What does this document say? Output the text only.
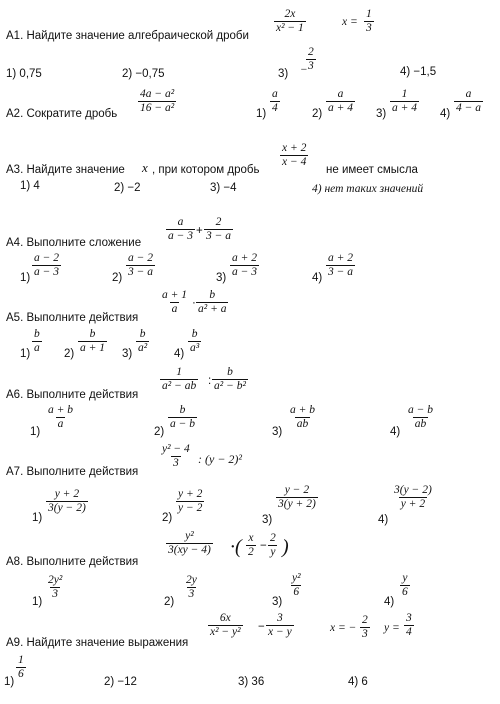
А1. Найдите значение алгебраической дроби
$\frac{2x}{\text{x² − 1}}$	$x = \frac{1}{3}$
1) 0,75	2) −0,75	3) −
$\frac{2}{3}$	4) −1,5
А2. Сократите дробь $\frac{\text{4a − a²}}{\text{16 − a²}}$	$1) \frac{a}{4}$	$2) \frac{a}{a + 4} 3) \frac{1}{a + 4} 4) \frac{a}{4 - a}$
А3. Найдите значение x , при котором дробь
$\frac{x + 2}{x - 4}$
не имеет смысла
1) 4	2) −2	3) −4	4) нет таких значений
А4. Выполните сложение $\frac{a}{a - 3} + \frac{2}{3 - a}$
$1) \frac{a - 2}{a - 3}$	$2) \frac{a - 2}{3 - a}$	$3) \frac{a + 2}{a - 3}$	$4) \frac{a + 2}{3 - a}$
А5. Выполните действия
$\frac{a + 1}{a} \cdot \frac{b}{\text{a² + a}}$
$1) \frac{b}{a} 2) \frac{b}{a + 1} 3) \frac{b}{\text{a²}} 4) \frac{b}{\text{a³}}$
А6. Выполните действия
$\frac{1}{\text{a² − ab}}$ : $\frac{b}{\text{a² − b²}}$
1)
$\frac{a + b}{a}$
2)
$\frac{b}{a - b}$
3)
$\frac{a + b}{ab}$
4)
$\frac{a - b}{ab}$
А7. Выполните действия
$\frac{\text{y² − 4}}{3}$ : (y − 2)²
1)
$\frac{y + 2}{3(y - 2)}$
2)
$\frac{y + 2}{y - 2}$
3)
$\frac{y - 2}{3(y + 2)}$
4)
$\frac{3(y - 2)}{y + 2}$
А8. Выполните действия
$\frac{\text{y²}}{3(xy - 4)}$ ·( $\frac{x}{2} - \frac{2}{y}$ )
1)
$\frac{\text{2y²}}{3}$
2)
$\frac{2y}{3}$
3)
$\frac{\text{y²}}{6}$
4)
$\frac{y}{6}$
А9. Найдите значение выражения
$\frac{6x}{\text{x² − y²}} - \frac{3}{x - y}$	x = − $\frac{2}{3}$ $y = \frac{3}{4}$
1)
$\frac{1}{6}$
2) −12	3) 36	4) 6
